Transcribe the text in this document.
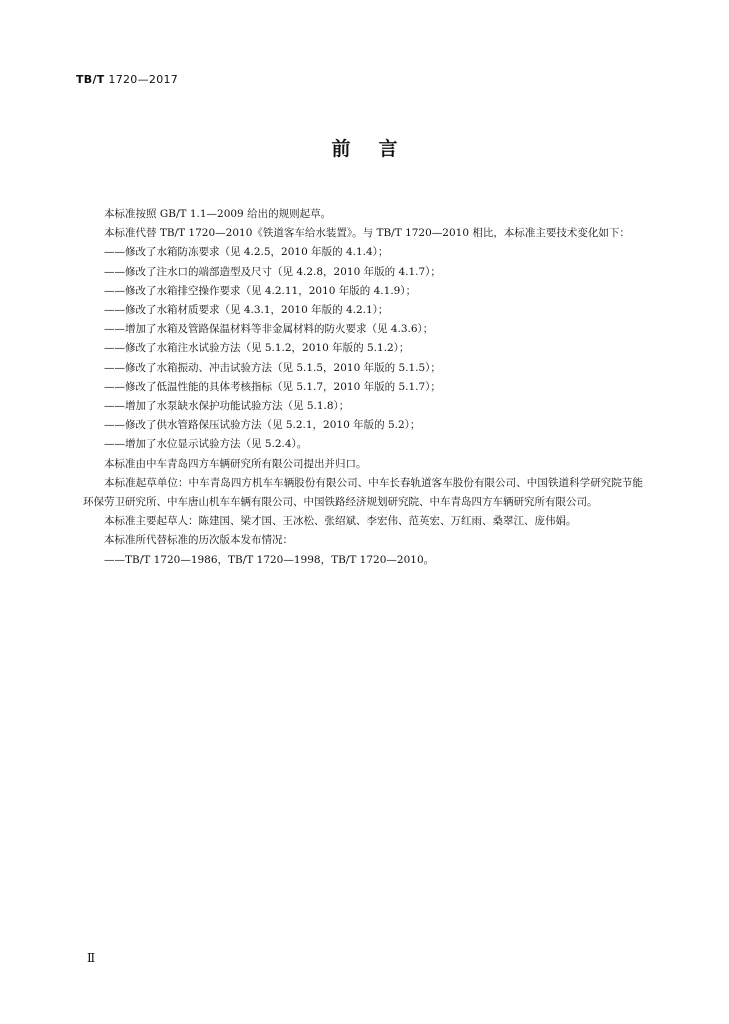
TB/T 1720—2017
前言

本标准按照 GB/T 1.1—2009 给出的规则起草。

本标准代替 TB/T 1720—2010《铁道客车给水装置》。与 TB/T 1720—2010 相比，本标准主要技术变化如下：

——修改了水箱防冻要求（见 4.2.5，2010 年版的 4.1.4）；
——修改了注水口的端部造型及尺寸（见 4.2.8，2010 年版的 4.1.7）；
——修改了水箱排空操作要求（见 4.2.11，2010 年版的 4.1.9）；
——修改了水箱材质要求（见 4.3.1，2010 年版的 4.2.1）；
——增加了水箱及管路保温材料等非金属材料的防火要求（见 4.3.6）；
——修改了水箱注水试验方法（见 5.1.2，2010 年版的 5.1.2）；
——修改了水箱振动、冲击试验方法（见 5.1.5，2010 年版的 5.1.5）；
——修改了低温性能的具体考核指标（见 5.1.7，2010 年版的 5.1.7）；
——增加了水泵缺水保护功能试验方法（见 5.1.8）；
——修改了供水管路保压试验方法（见 5.2.1，2010 年版的 5.2）；
——增加了水位显示试验方法（见 5.2.4）。

本标准由中车青岛四方车辆研究所有限公司提出并归口。

本标准起草单位：中车青岛四方机车车辆股份有限公司、中车长春轨道客车股份有限公司、中国铁道科学研究院节能环保劳卫研究所、中车唐山机车车辆有限公司、中国铁路经济规划研究院、中车青岛四方车辆研究所有限公司。

本标准主要起草人：陈建国、梁才国、王冰松、张绍斌、李宏伟、范英宏、万红雨、桑翠江、庞伟娟。

本标准所代替标准的历次版本发布情况：

——TB/T 1720—1986，TB/T 1720—1998，TB/T 1720—2010。
Ⅱ
